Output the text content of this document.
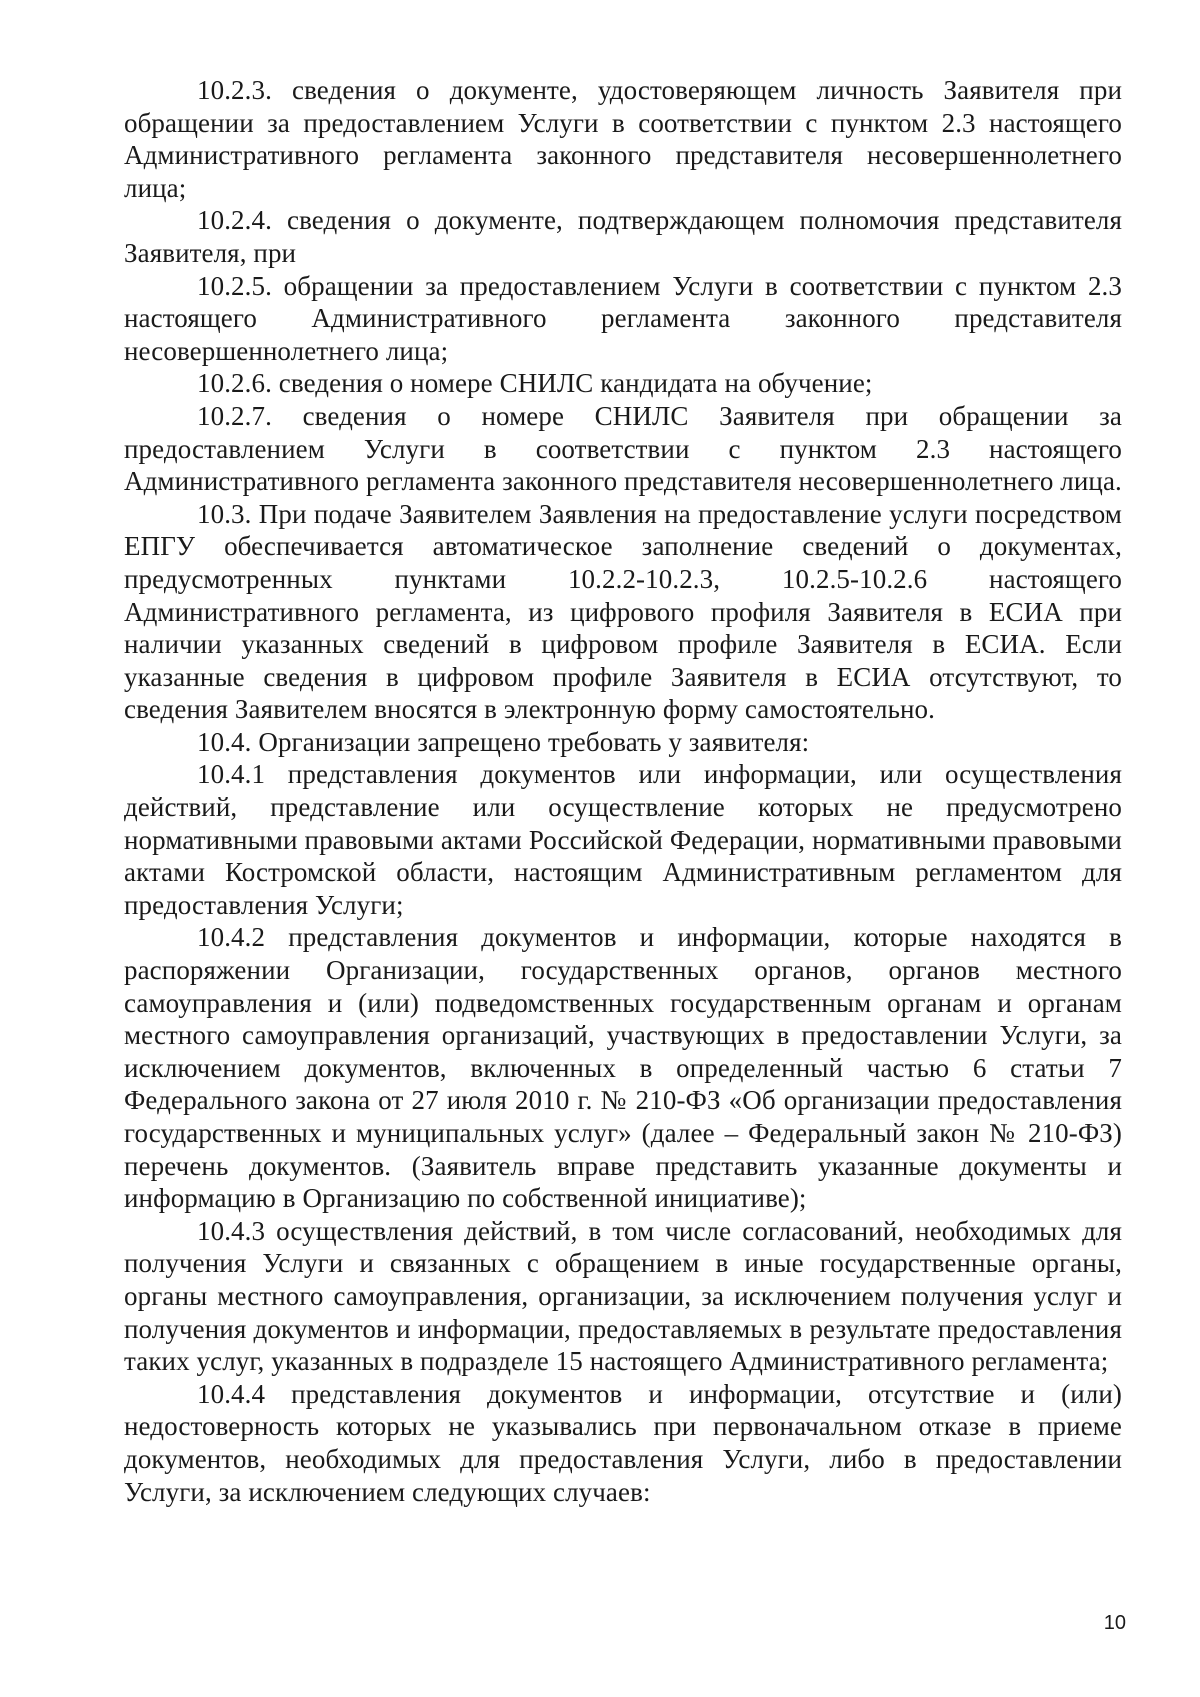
10.2.3. сведения о документе, удостоверяющем личность Заявителя при обращении за предоставлением Услуги в соответствии с пунктом 2.3 настоящего Административного регламента законного представителя несовершеннолетнего лица;

10.2.4. сведения о документе, подтверждающем полномочия представителя Заявителя, при

10.2.5. обращении за предоставлением Услуги в соответствии с пунктом 2.3 настоящего Административного регламента законного представителя несовершеннолетнего лица;

10.2.6. сведения о номере СНИЛС кандидата на обучение;

10.2.7. сведения о номере СНИЛС Заявителя при обращении за предоставлением Услуги в соответствии с пунктом 2.3 настоящего Административного регламента законного представителя несовершеннолетнего лица.

10.3. При подаче Заявителем Заявления на предоставление услуги посредством ЕПГУ обеспечивается автоматическое заполнение сведений о документах, предусмотренных пунктами 10.2.2-10.2.3, 10.2.5-10.2.6 настоящего Административного регламента, из цифрового профиля Заявителя в ЕСИА при наличии указанных сведений в цифровом профиле Заявителя в ЕСИА. Если указанные сведения в цифровом профиле Заявителя в ЕСИА отсутствуют, то сведения Заявителем вносятся в электронную форму самостоятельно.

10.4. Организации запрещено требовать у заявителя:

10.4.1 представления документов или информации, или осуществления действий, представление или осуществление которых не предусмотрено нормативными правовыми актами Российской Федерации, нормативными правовыми актами Костромской области, настоящим Административным регламентом для предоставления Услуги;

10.4.2 представления документов и информации, которые находятся в распоряжении Организации, государственных органов, органов местного самоуправления и (или) подведомственных государственным органам и органам местного самоуправления организаций, участвующих в предоставлении Услуги, за исключением документов, включенных в определенный частью 6 статьи 7 Федерального закона от 27 июля 2010 г. № 210-ФЗ «Об организации предоставления государственных и муниципальных услуг» (далее – Федеральный закон № 210-ФЗ) перечень документов. (Заявитель вправе представить указанные документы и информацию в Организацию по собственной инициативе);

10.4.3 осуществления действий, в том числе согласований, необходимых для получения Услуги и связанных с обращением в иные государственные органы, органы местного самоуправления, организации, за исключением получения услуг и получения документов и информации, предоставляемых в результате предоставления таких услуг, указанных в подразделе 15 настоящего Административного регламента;

10.4.4 представления документов и информации, отсутствие и (или) недостоверность которых не указывались при первоначальном отказе в приеме документов, необходимых для предоставления Услуги, либо в предоставлении Услуги, за исключением следующих случаев:

10
